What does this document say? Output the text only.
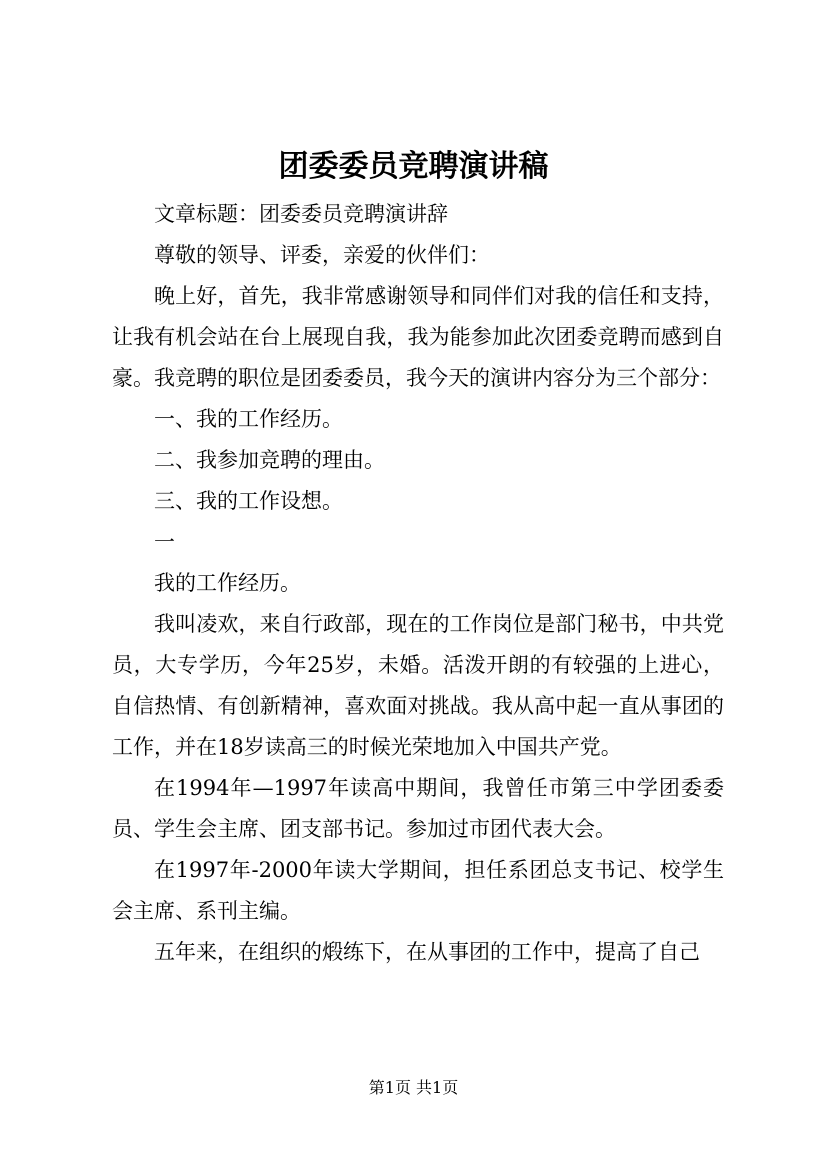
团委委员竞聘演讲稿

文章标题：团委委员竞聘演讲辞

尊敬的领导、评委，亲爱的伙伴们：

晚上好，首先，我非常感谢领导和同伴们对我的信任和支持，让我有机会站在台上展现自我，我为能参加此次团委竞聘而感到自豪。我竞聘的职位是团委委员，我今天的演讲内容分为三个部分：

一、我的工作经历。

二、我参加竞聘的理由。

三、我的工作设想。

一

我的工作经历。

我叫凌欢，来自行政部，现在的工作岗位是部门秘书，中共党员，大专学历，今年25岁，未婚。活泼开朗的有较强的上进心，自信热情、有创新精神，喜欢面对挑战。我从高中起一直从事团的工作，并在18岁读高三的时候光荣地加入中国共产党。

在1994年—1997年读高中期间，我曾任市第三中学团委委员、学生会主席、团支部书记。参加过市团代表大会。

在1997年-2000年读大学期间，担任系团总支书记、校学生会主席、系刊主编。

五年来，在组织的煅练下，在从事团的工作中，提高了自己

第1页 共1页
